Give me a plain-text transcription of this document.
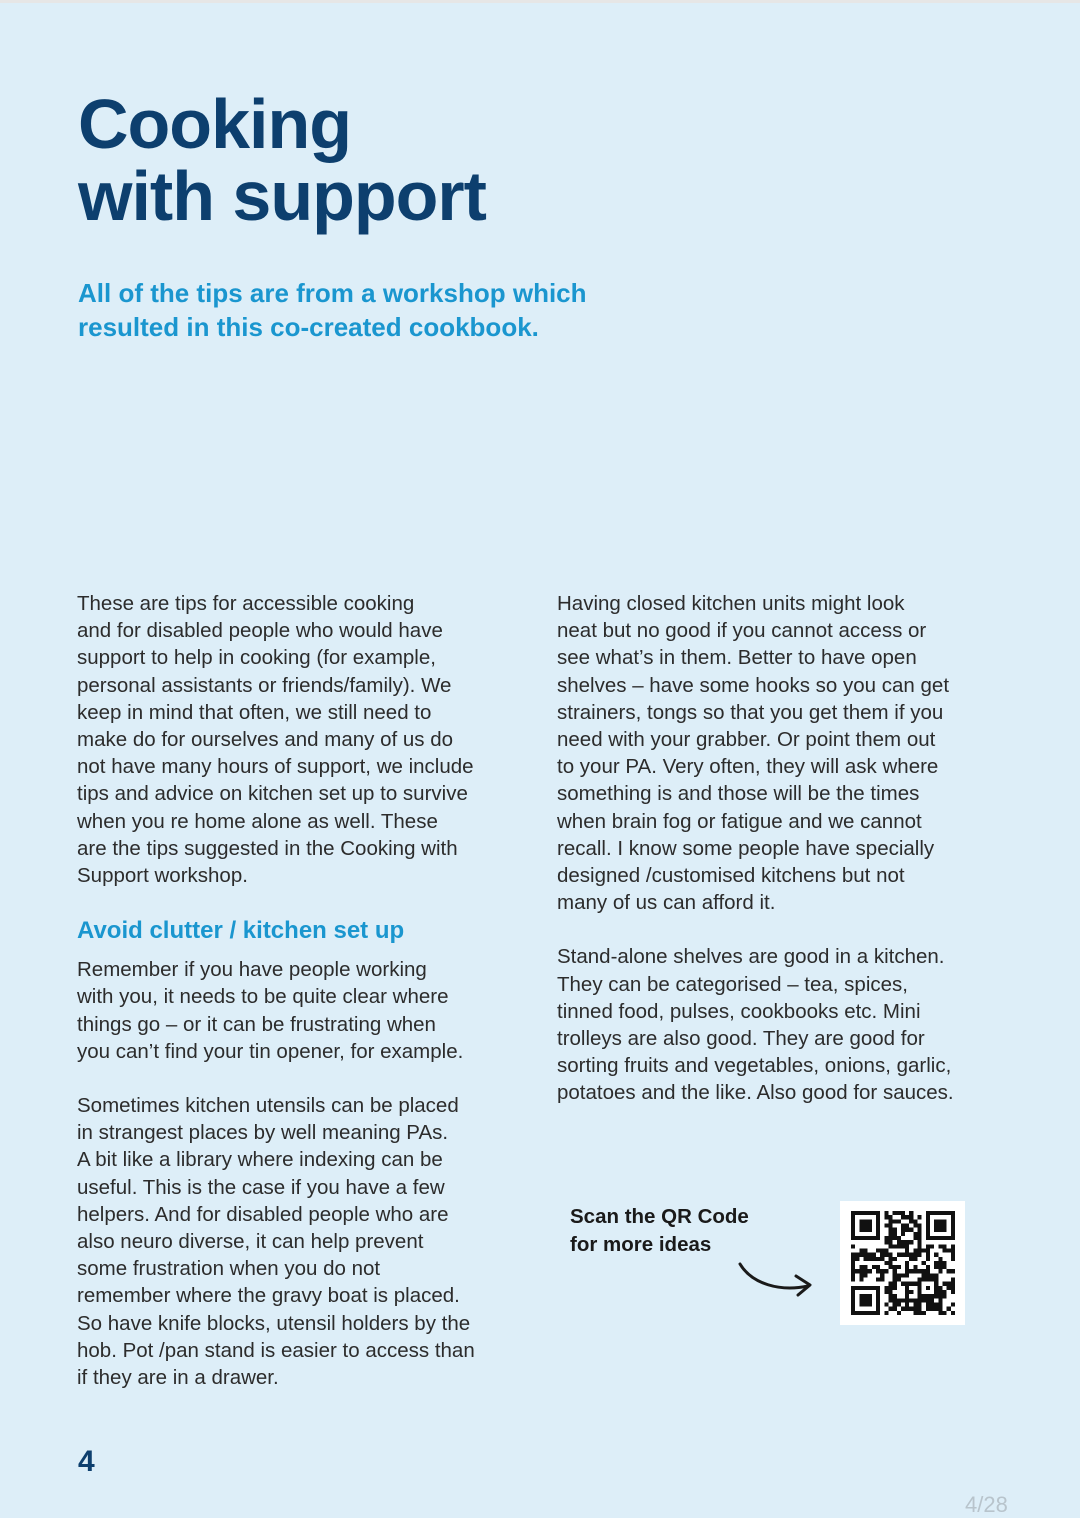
Cooking
with support

All of the tips are from a workshop which
resulted in this co-created cookbook.

These are tips for accessible cooking
and for disabled people who would have
support to help in cooking (for example,
personal assistants or friends/family). We
keep in mind that often, we still need to
make do for ourselves and many of us do
not have many hours of support, we include
tips and advice on kitchen set up to survive
when you re home alone as well. These
are the tips suggested in the Cooking with
Support workshop.

Avoid clutter / kitchen set up

Remember if you have people working
with you, it needs to be quite clear where
things go – or it can be frustrating when
you can’t find your tin opener, for example.

Sometimes kitchen utensils can be placed
in strangest places by well meaning PAs.
A bit like a library where indexing can be
useful. This is the case if you have a few
helpers. And for disabled people who are
also neuro diverse, it can help prevent
some frustration when you do not
remember where the gravy boat is placed.
So have knife blocks, utensil holders by the
hob. Pot /pan stand is easier to access than
if they are in a drawer.

Having closed kitchen units might look
neat but no good if you cannot access or
see what’s in them. Better to have open
shelves – have some hooks so you can get
strainers, tongs so that you get them if you
need with your grabber. Or point them out
to your PA. Very often, they will ask where
something is and those will be the times
when brain fog or fatigue and we cannot
recall. I know some people have specially
designed /customised kitchens but not
many of us can afford it.

Stand-alone shelves are good in a kitchen.
They can be categorised – tea, spices,
tinned food, pulses, cookbooks etc. Mini
trolleys are also good. They are good for
sorting fruits and vegetables, onions, garlic,
potatoes and the like. Also good for sauces.

Scan the QR Code
for more ideas

4
4/28
